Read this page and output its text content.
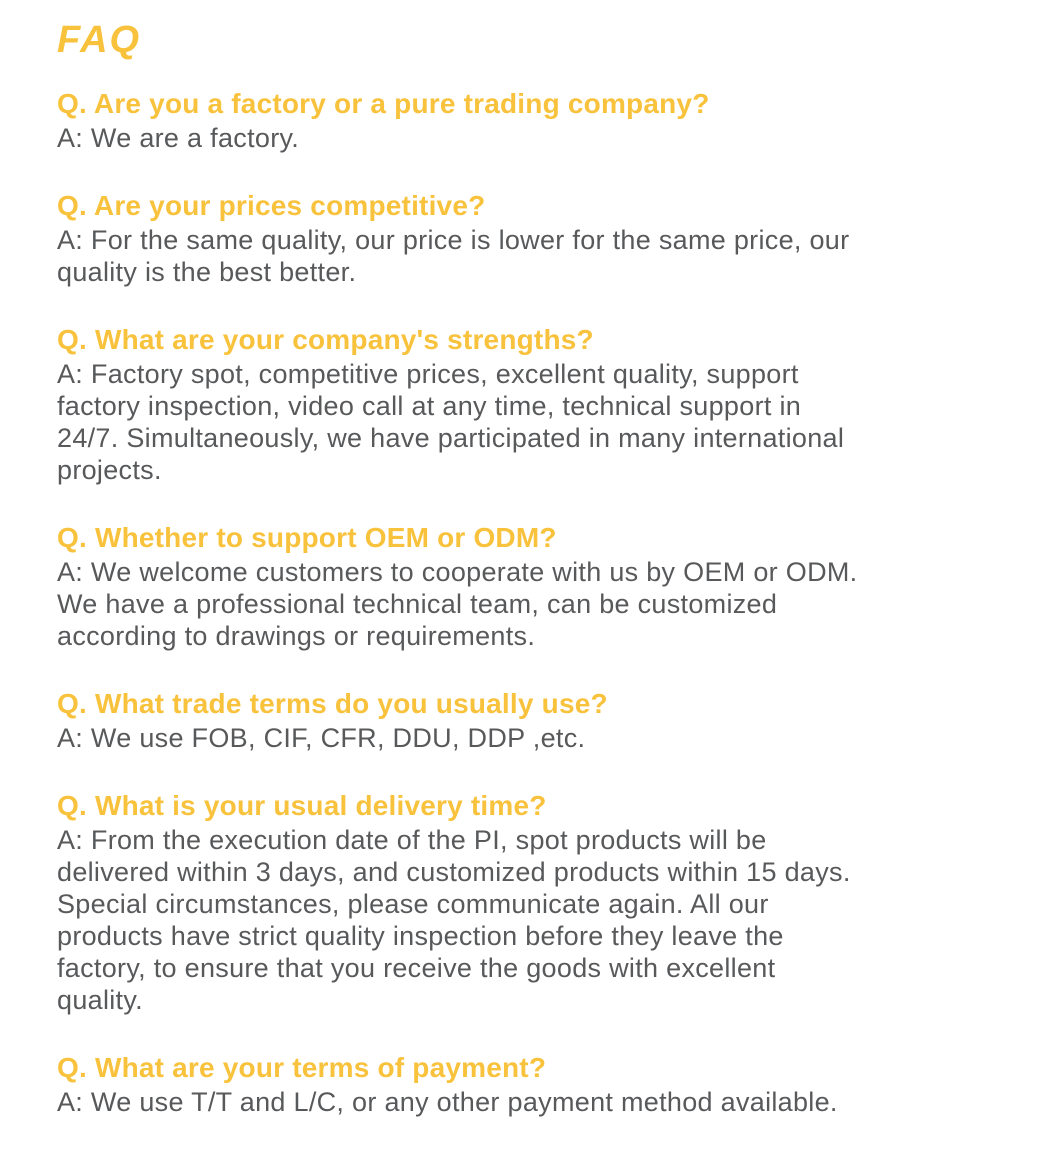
FAQ
Q. Are you a factory or a pure trading company?
A: We are a factory.
Q. Are your prices competitive?
A: For the same quality, our price is lower for the same price, our
quality is the best better.
Q. What are your company's strengths?
A: Factory spot, competitive prices, excellent quality, support
factory inspection, video call at any time, technical support in
24/7. Simultaneously, we have participated in many international
projects.
Q. Whether to support OEM or ODM?
A: We welcome customers to cooperate with us by OEM or ODM.
We have a professional technical team, can be customized
according to drawings or requirements.
Q. What trade terms do you usually use?
A: We use FOB, CIF, CFR, DDU, DDP ,etc.
Q. What is your usual delivery time?
A: From the execution date of the PI, spot products will be
delivered within 3 days, and customized products within 15 days.
Special circumstances, please communicate again. All our
products have strict quality inspection before they leave the
factory, to ensure that you receive the goods with excellent
quality.
Q. What are your terms of payment?
A: We use T/T and L/C, or any other payment method available.
